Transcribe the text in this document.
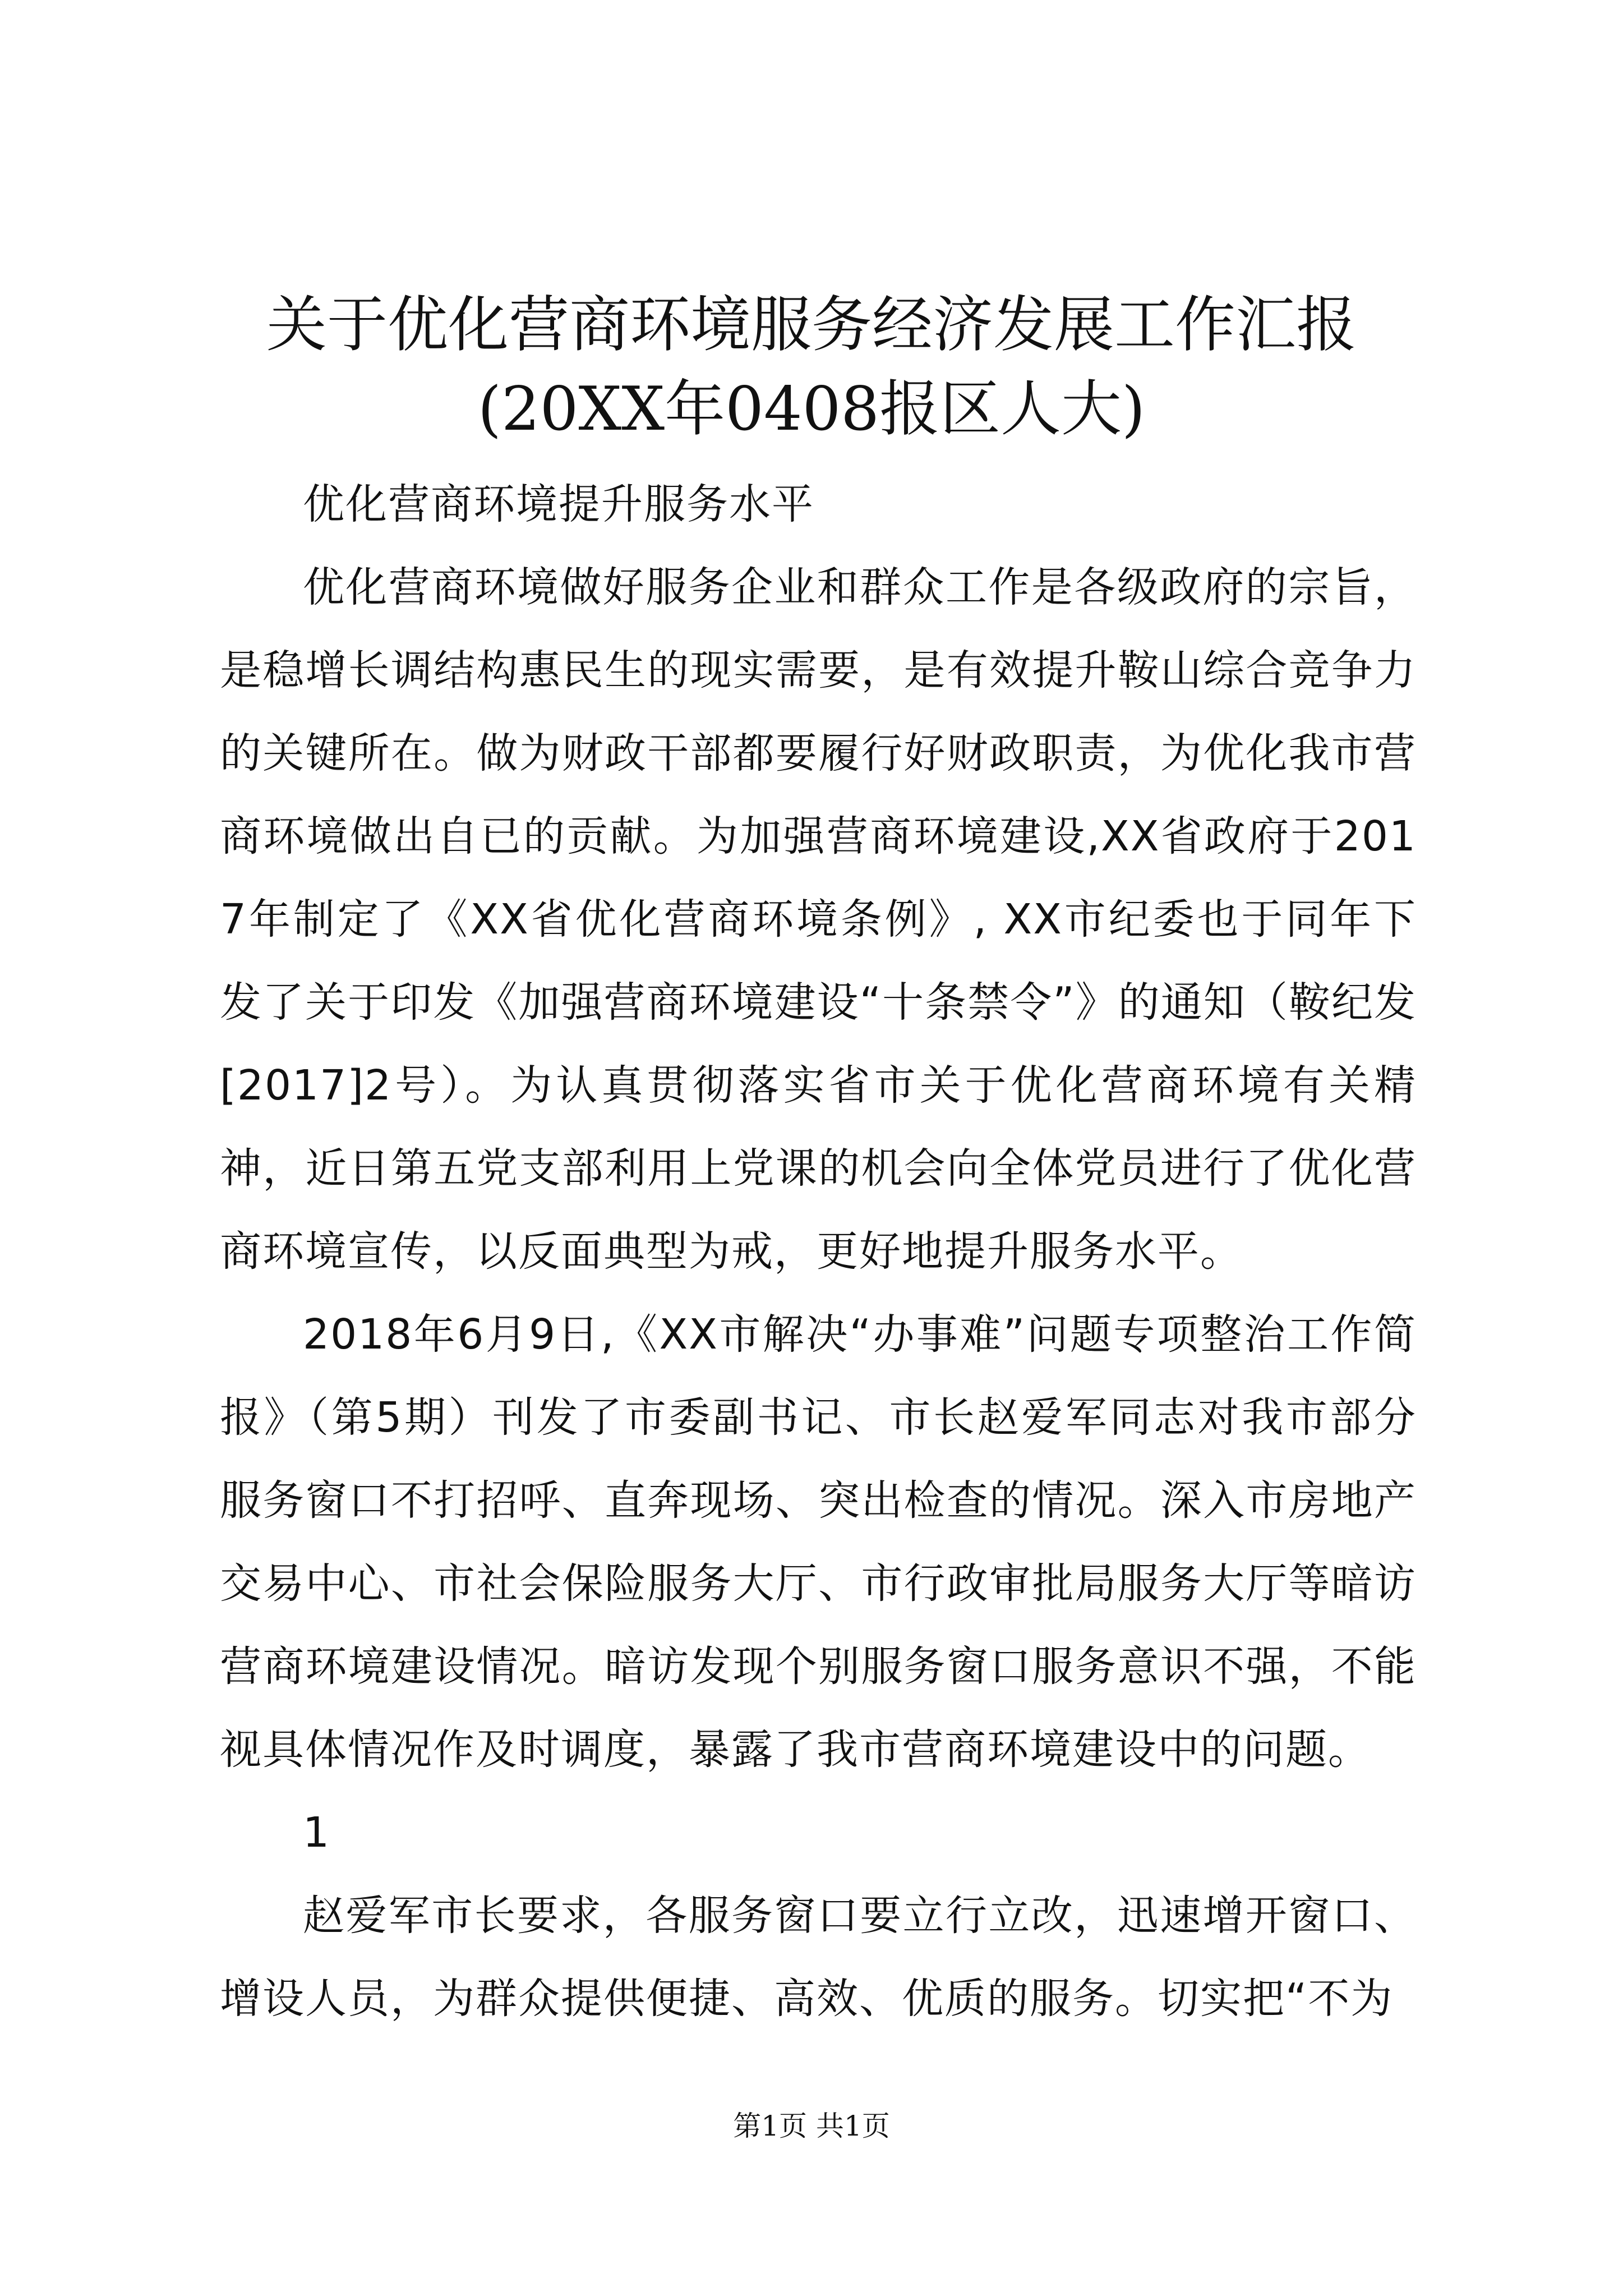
关于优化营商环境服务经济发展工作汇报
(20XX年0408报区人大)

优化营商环境提升服务水平

优化营商环境做好服务企业和群众工作是各级政府的宗旨，是稳增长调结构惠民生的现实需要，是有效提升鞍山综合竞争力的关键所在。做为财政干部都要履行好财政职责，为优化我市营商环境做出自已的贡献。为加强营商环境建设,XX省政府于2017年制定了《XX省优化营商环境条例》, XX市纪委也于同年下发了关于印发《加强营商环境建设“十条禁令”》的通知（鞍纪发[2017]2号）。为认真贯彻落实省市关于优化营商环境有关精神，近日第五党支部利用上党课的机会向全体党员进行了优化营商环境宣传，以反面典型为戒，更好地提升服务水平。

2018年6月9日,《XX市解决“办事难”问题专项整治工作简报》（第5期）刊发了市委副书记、市长赵爱军同志对我市部分服务窗口不打招呼、直奔现场、突出检查的情况。深入市房地产交易中心、市社会保险服务大厅、市行政审批局服务大厅等暗访营商环境建设情况。暗访发现个别服务窗口服务意识不强，不能视具体情况作及时调度，暴露了我市营商环境建设中的问题。

1

赵爱军市长要求，各服务窗口要立行立改，迅速增开窗口、增设人员，为群众提供便捷、高效、优质的服务。切实把“不为

第1页 共1页
